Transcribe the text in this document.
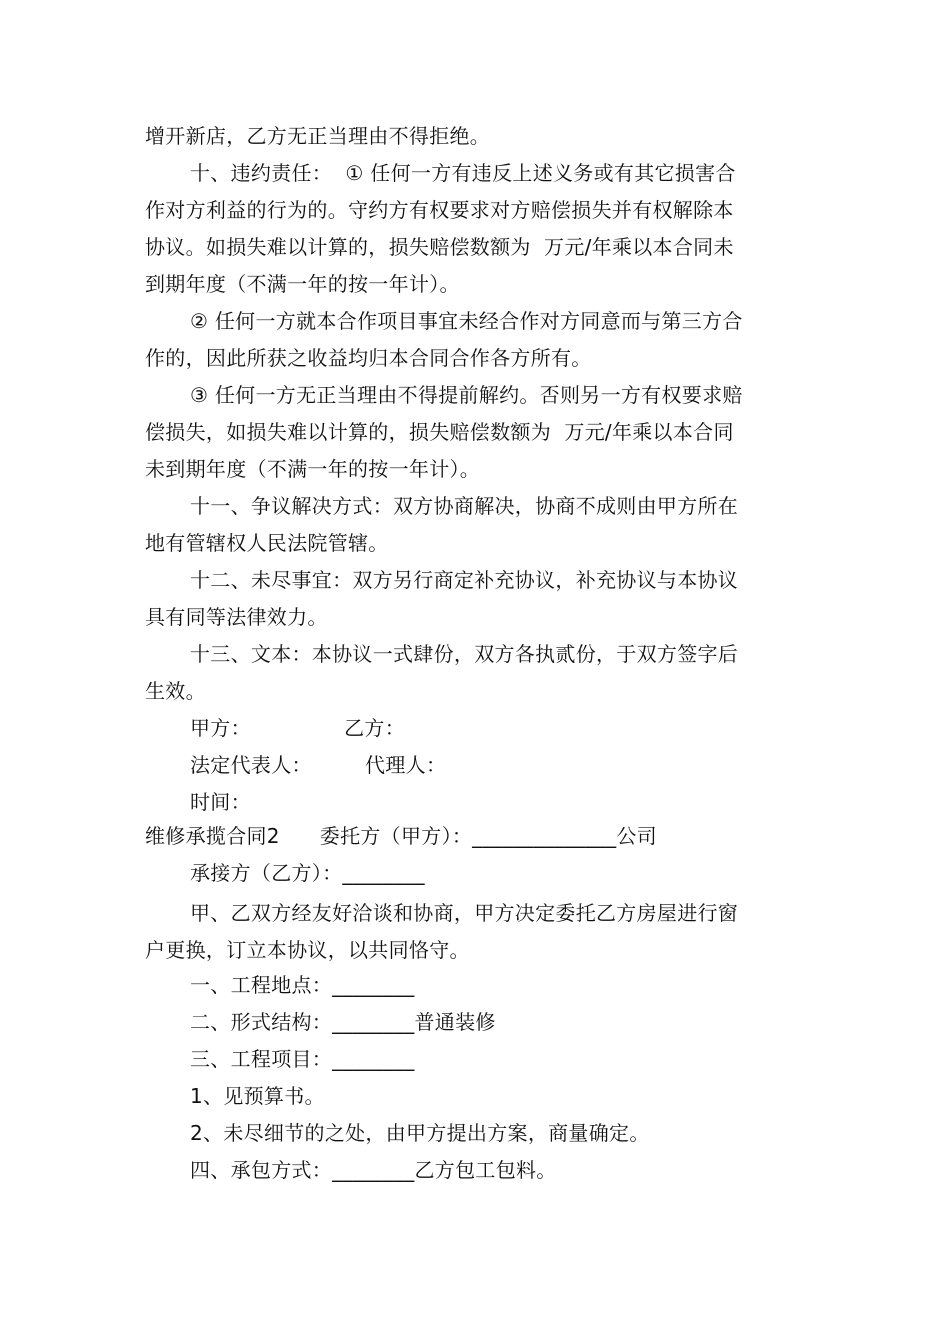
增开新店，乙方无正当理由不得拒绝。
十、违约责任：  ① 任何一方有违反上述义务或有其它损害合
作对方利益的行为的。守约方有权要求对方赔偿损失并有权解除本
协议。如损失难以计算的，损失赔偿数额为  万元/年乘以本合同未
到期年度（不满一年的按一年计）。
② 任何一方就本合作项目事宜未经合作对方同意而与第三方合
作的，因此所获之收益均归本合同合作各方所有。
③ 任何一方无正当理由不得提前解约。否则另一方有权要求赔
偿损失，如损失难以计算的，损失赔偿数额为  万元/年乘以本合同
未到期年度（不满一年的按一年计）。
十一、争议解决方式：双方协商解决，协商不成则由甲方所在
地有管辖权人民法院管辖。
十二、未尽事宜：双方另行商定补充协议，补充协议与本协议
具有同等法律效力。
十三、文本：本协议一式肆份，双方各执贰份，于双方签字后
生效。
甲方：              乙方：
法定代表人：        代理人：
时间：
维修承揽合同2      委托方（甲方）：______________公司
承接方（乙方）：________
甲、乙双方经友好洽谈和协商，甲方决定委托乙方房屋进行窗
户更换，订立本协议，以共同恪守。
一、工程地点：________
二、形式结构：________普通装修
三、工程项目：________
1、见预算书。
2、未尽细节的之处，由甲方提出方案，商量确定。
四、承包方式：________乙方包工包料。
